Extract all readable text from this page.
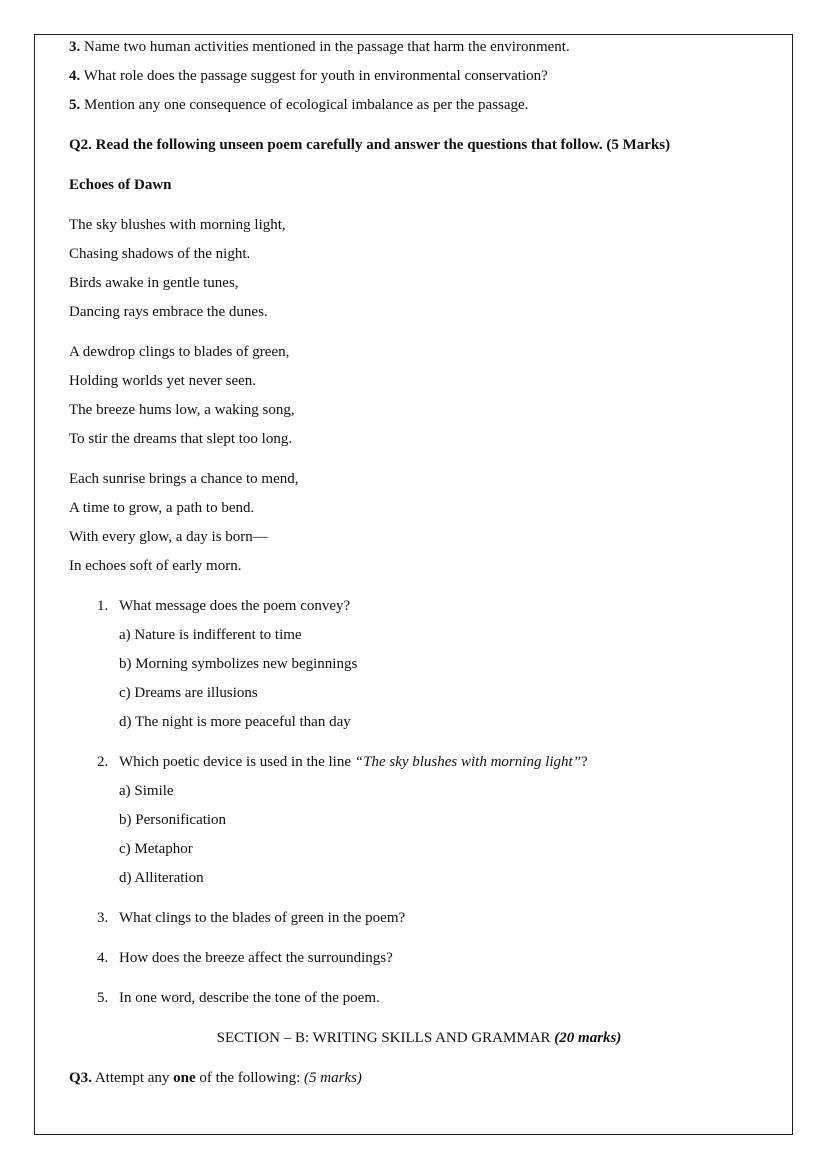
3. Name two human activities mentioned in the passage that harm the environment.
4. What role does the passage suggest for youth in environmental conservation?
5. Mention any one consequence of ecological imbalance as per the passage.
Q2. Read the following unseen poem carefully and answer the questions that follow. (5 Marks)
Echoes of Dawn
The sky blushes with morning light,
Chasing shadows of the night.
Birds awake in gentle tunes,
Dancing rays embrace the dunes.
A dewdrop clings to blades of green,
Holding worlds yet never seen.
The breeze hums low, a waking song,
To stir the dreams that slept too long.
Each sunrise brings a chance to mend,
A time to grow, a path to bend.
With every glow, a day is born—
In echoes soft of early morn.
1. What message does the poem convey?
a) Nature is indifferent to time
b) Morning symbolizes new beginnings
c) Dreams are illusions
d) The night is more peaceful than day
2. Which poetic device is used in the line “The sky blushes with morning light”?
a) Simile
b) Personification
c) Metaphor
d) Alliteration
3. What clings to the blades of green in the poem?
4. How does the breeze affect the surroundings?
5. In one word, describe the tone of the poem.
SECTION – B: WRITING SKILLS AND GRAMMAR (20 marks)
Q3. Attempt any one of the following: (5 marks)
